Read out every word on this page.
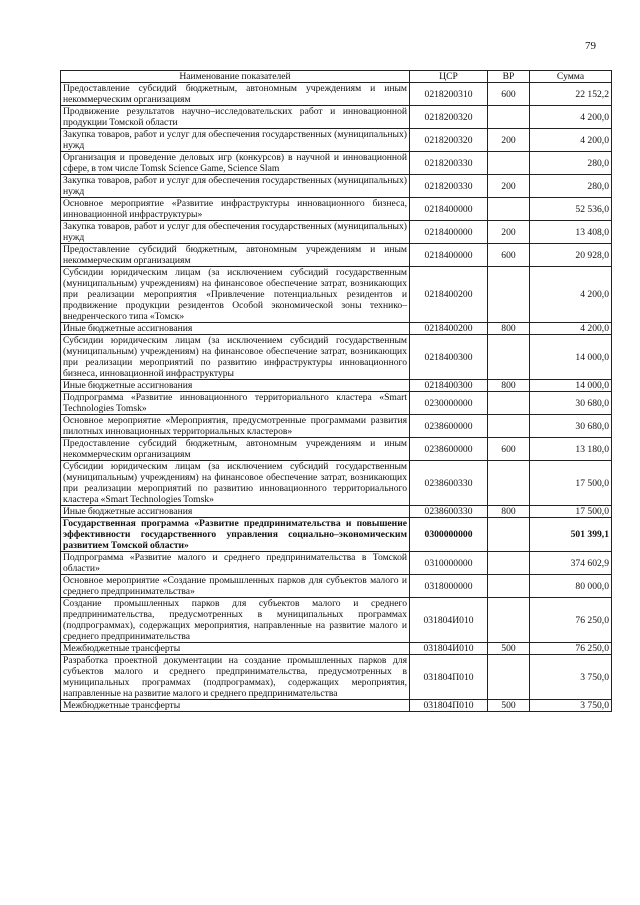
79
Наименование показателей	ЦСР	ВР	Сумма
Предоставление субсидий бюджетным, автономным учреждениям и иным некоммерческим организациям	0218200310	600	22 152,2
Продвижение результатов научно–исследовательских работ и инновационной продукции Томской области	0218200320		4 200,0
Закупка товаров, работ и услуг для обеспечения государственных (муниципальных) нужд	0218200320	200	4 200,0
Организация и проведение деловых игр (конкурсов) в научной и инновационной сфере, в том числе Tomsk Science Game, Science Slam	0218200330		280,0
Закупка товаров, работ и услуг для обеспечения государственных (муниципальных) нужд	0218200330	200	280,0
Основное мероприятие «Развитие инфраструктуры инновационного бизнеса, инновационной инфраструктуры»	0218400000		52 536,0
Закупка товаров, работ и услуг для обеспечения государственных (муниципальных) нужд	0218400000	200	13 408,0
Предоставление субсидий бюджетным, автономным учреждениям и иным некоммерческим организациям	0218400000	600	20 928,0
Субсидии юридическим лицам (за исключением субсидий государственным (муниципальным) учреждениям) на финансовое обеспечение затрат, возникающих при реализации мероприятия «Привлечение потенциальных резидентов и продвижение продукции резидентов Особой экономической зоны технико–внедренческого типа «Томск»	0218400200		4 200,0
Иные бюджетные ассигнования	0218400200	800	4 200,0
Субсидии юридическим лицам (за исключением субсидий государственным (муниципальным) учреждениям) на финансовое обеспечение затрат, возникающих при реализации мероприятий по развитию инфраструктуры инновационного бизнеса, инновационной инфраструктуры	0218400300		14 000,0
Иные бюджетные ассигнования	0218400300	800	14 000,0
Подпрограмма «Развитие инновационного территориального кластера «Smart Technologies Tomsk»	0230000000		30 680,0
Основное мероприятие «Мероприятия, предусмотренные программами развития пилотных инновационных территориальных кластеров»	0238600000		30 680,0
Предоставление субсидий бюджетным, автономным учреждениям и иным некоммерческим организациям	0238600000	600	13 180,0
Субсидии юридическим лицам (за исключением субсидий государственным (муниципальным) учреждениям) на финансовое обеспечение затрат, возникающих при реализации мероприятий по развитию инновационного территориального кластера «Smart Technologies Tomsk»	0238600330		17 500,0
Иные бюджетные ассигнования	0238600330	800	17 500,0
Государственная программа «Развитие предпринимательства и повышение эффективности государственного управления социально–экономическим развитием Томской области»	0300000000		501 399,1
Подпрограмма «Развитие малого и среднего предпринимательства в Томской области»	0310000000		374 602,9
Основное мероприятие «Создание промышленных парков для субъектов малого и среднего предпринимательства»	0318000000		80 000,0
Создание промышленных парков для субъектов малого и среднего предпринимательства, предусмотренных в муниципальных программах (подпрограммах), содержащих мероприятия, направленные на развитие малого и среднего предпринимательства	031804И010		76 250,0
Межбюджетные трансферты	031804И010	500	76 250,0
Разработка проектной документации на создание промышленных парков для субъектов малого и среднего предпринимательства, предусмотренных в муниципальных программах (подпрограммах), содержащих мероприятия, направленные на развитие малого и среднего предпринимательства	031804П010		3 750,0
Межбюджетные трансферты	031804П010	500	3 750,0
